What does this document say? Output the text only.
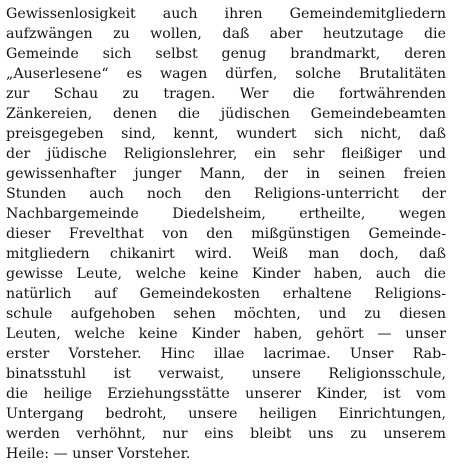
Gewissenlosigkeit auch ihren Gemeindemitgliedern
aufzwängen zu wollen, daß aber heutzutage die
Gemeinde sich selbst genug brandmarkt, deren
„Auserlesene“ es wagen dürfen, solche Brutalitäten
zur Schau zu tragen. Wer die fortwährenden
Zänkereien, denen die jüdischen Gemeindebeamten
preisgegeben sind, kennt, wundert sich nicht, daß
der jüdische Religionslehrer, ein sehr fleißiger und
gewissenhafter junger Mann, der in seinen freien
Stunden auch noch den Religions-unterricht der
Nachbargemeinde Diedelsheim, ertheilte, wegen
dieser Frevelthat von den mißgünstigen Gemeinde-
mitgliedern chikanirt wird. Weiß man doch, daß
gewisse Leute, welche keine Kinder haben, auch die
natürlich auf Gemeindekosten erhaltene Religions-
schule aufgehoben sehen möchten, und zu diesen
Leuten, welche keine Kinder haben, gehört — unser
erster Vorsteher. Hinc illae lacrimae. Unser Rab-
binatsstuhl ist verwaist, unsere Religionsschule,
die heilige Erziehungsstätte unserer Kinder, ist vom
Untergang bedroht, unsere heiligen Einrichtungen,
werden verhöhnt, nur eins bleibt uns zu unserem
Heile: — unser Vorsteher.
